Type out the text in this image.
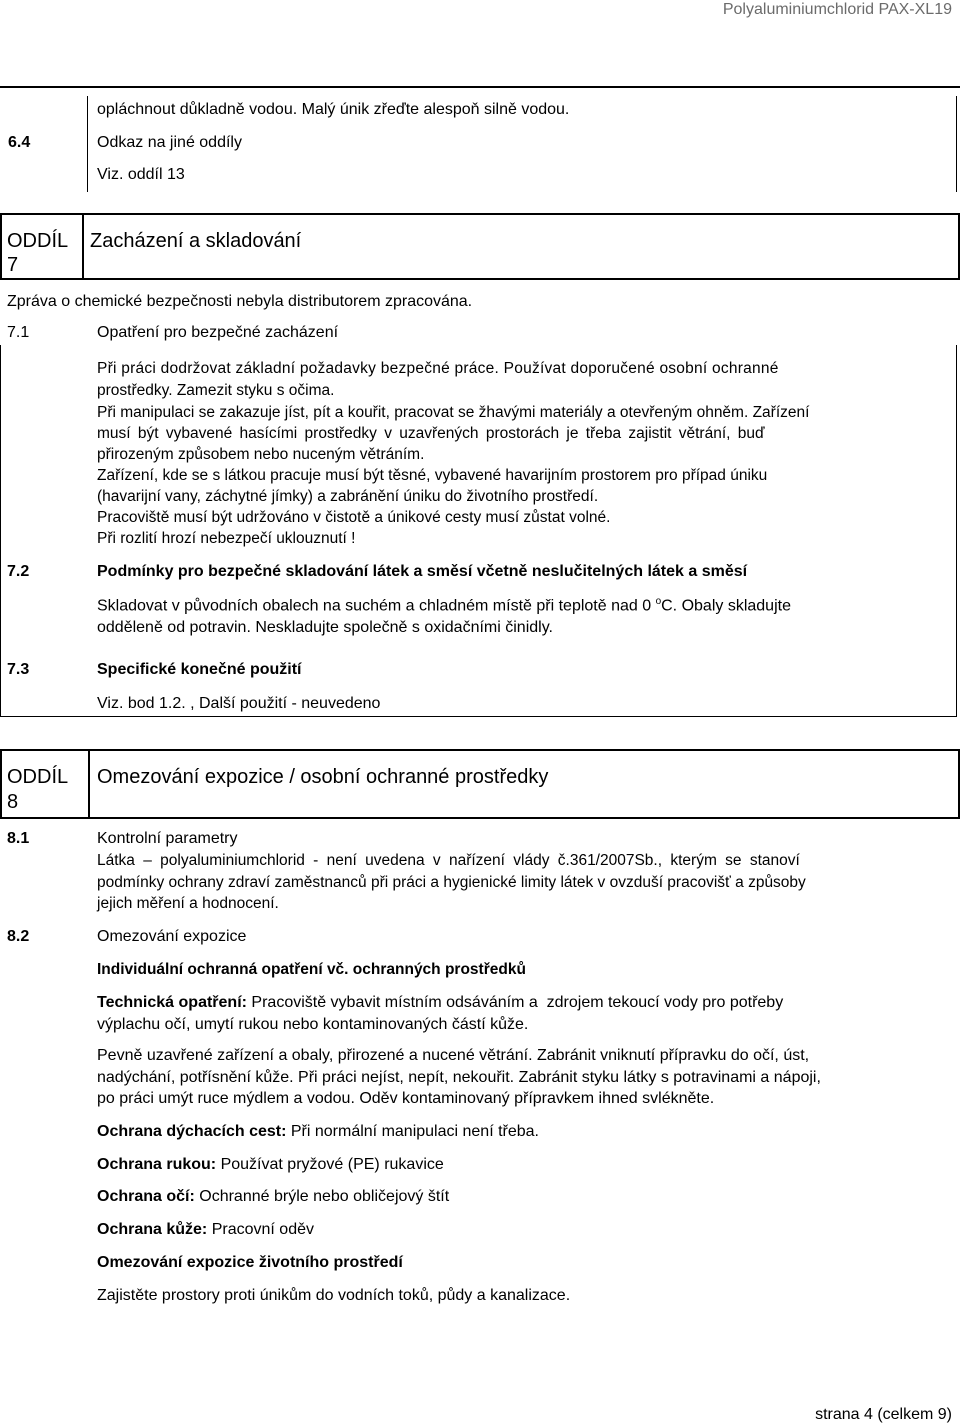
Polyaluminiumchlorid PAX-XL19
opláchnout důkladně vodou. Malý únik zřeďte alespoň silně vodou.
6.4	Odkaz na jiné oddíly
Viz. oddíl 13
ODDÍL
7
Zacházení a skladování
Zpráva o chemické bezpečnosti nebyla distributorem zpracována.
7.1	Opatření pro bezpečné zacházení
Při práci dodržovat základní požadavky bezpečné práce. Používat doporučené osobní ochranné
prostředky. Zamezit styku s očima.
Při manipulaci se zakazuje jíst, pít a kouřit, pracovat se žhavými materiály a otevřeným ohněm. Zařízení
musí být vybavené hasícími prostředky v uzavřených prostorách je třeba zajistit větrání, buď
přirozeným způsobem nebo nuceným větráním.
Zařízení, kde se s látkou pracuje musí být těsné, vybavené havarijním prostorem pro případ úniku
(havarijní vany, záchytné jímky) a zabránění úniku do životního prostředí.
Pracoviště musí být udržováno v čistotě a únikové cesty musí zůstat volné.
Při rozlití hrozí nebezpečí uklouznutí !
7.2	Podmínky pro bezpečné skladování látek a směsí včetně neslučitelných látek a směsí
Skladovat v původních obalech na suchém a chladném místě při teplotě nad 0 $^o$C. Obaly skladujte
odděleně od potravin. Neskladujte společně s oxidačními činidly.
7.3	Specifické konečné použití
Viz. bod 1.2. , Další použití - neuvedeno
ODDÍL
8
Omezování expozice / osobní ochranné prostředky
8.1	Kontrolní parametry
Látka – polyaluminiumchlorid - není uvedena v nařízení vlády č.361/2007Sb., kterým se stanoví
podmínky ochrany zdraví zaměstnanců při práci a hygienické limity látek v ovzduší pracovišť a způsoby
jejich měření a hodnocení.
8.2	Omezování expozice
Individuální ochranná opatření vč. ochranných prostředků
Technická opatření: Pracoviště vybavit místním odsáváním a  zdrojem tekoucí vody pro potřeby
výplachu očí, umytí rukou nebo kontaminovaných částí kůže.
Pevně uzavřené zařízení a obaly, přirozené a nucené větrání. Zabránit vniknutí přípravku do očí, úst,
nadýchání, potřísnění kůže. Při práci nejíst, nepít, nekouřit. Zabránit styku látky s potravinami a nápoji,
po práci umýt ruce mýdlem a vodou. Oděv kontaminovaný přípravkem ihned svlékněte.
Ochrana dýchacích cest: Při normální manipulaci není třeba.
Ochrana rukou: Používat pryžové (PE) rukavice
Ochrana očí: Ochranné brýle nebo obličejový štít
Ochrana kůže: Pracovní oděv
Omezování expozice životního prostředí
Zajistěte prostory proti únikům do vodních toků, půdy a kanalizace.
strana 4 (celkem 9)
